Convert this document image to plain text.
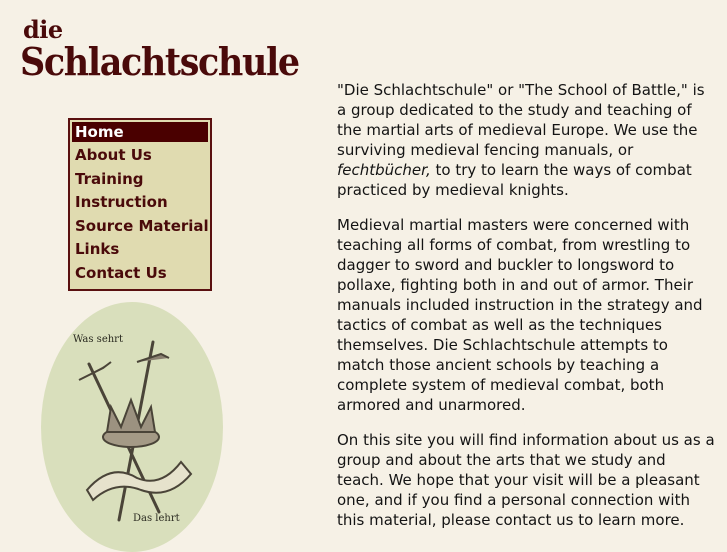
die
Schlachtschule
Home
About Us
Training
Instruction
Source Material
Links
Contact Us
Was sehrt
Das lehrt

"Die Schlachtschule" or "The School of Battle," is a group dedicated to the study and teaching of the martial arts of medieval Europe. We use the surviving medieval fencing manuals, or fechtbücher, to try to learn the ways of combat practiced by medieval knights.

Medieval martial masters were concerned with teaching all forms of combat, from wrestling to dagger to sword and buckler to longsword to pollaxe, fighting both in and out of armor. Their manuals included instruction in the strategy and tactics of combat as well as the techniques themselves. Die Schlachtschule attempts to match those ancient schools by teaching a complete system of medieval combat, both armored and unarmored.

On this site you will find information about us as a group and about the arts that we study and teach. We hope that your visit will be a pleasant one, and if you find a personal connection with this material, please contact us to learn more.
